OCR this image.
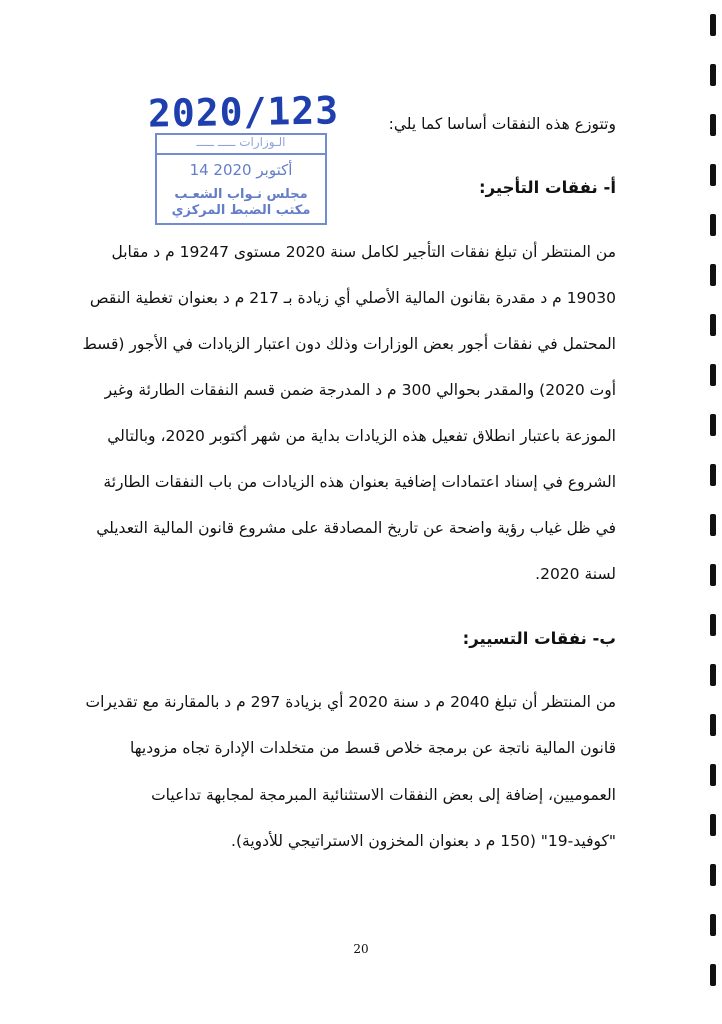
2020/123
الـوزارات ـــــ ـــــ
14 أكتوبر 2020
مجلس نـواب الشعـب
مكتب الضبط المركزي
وتتوزع هذه النفقات أساسا كما يلي:
أ- نفقات التأجير:
من المنتظر أن تبلغ نفقات التأجير لكامل سنة 2020 مستوى 19247 م د مقابل
19030 م د مقدرة بقانون المالية الأصلي أي زيادة بـ 217 م د بعنوان تغطية النقص
المحتمل في نفقات أجور بعض الوزارات وذلك دون اعتبار الزيادات في الأجور (قسط
أوت 2020) والمقدر بحوالي 300 م د المدرجة ضمن قسم النفقات الطارئة وغير
الموزعة باعتبار انطلاق تفعيل هذه الزيادات بداية من شهر أكتوبر 2020، وبالتالي
الشروع في إسناد اعتمادات إضافية بعنوان هذه الزيادات من باب النفقات الطارئة
في ظل غياب رؤية واضحة عن تاريخ المصادقة على مشروع قانون المالية التعديلي
لسنة 2020.
ب- نفقات التسيير:
من المنتظر أن تبلغ 2040 م د سنة 2020 أي بزيادة 297 م د بالمقارنة مع تقديرات
قانون المالية ناتجة عن برمجة خلاص قسط من متخلدات الإدارة تجاه مزوديها
العموميين، إضافة إلى بعض النفقات الاستثنائية المبرمجة لمجابهة تداعيات
"كوفيد-19" (150 م د بعنوان المخزون الاستراتيجي للأدوية).
20
